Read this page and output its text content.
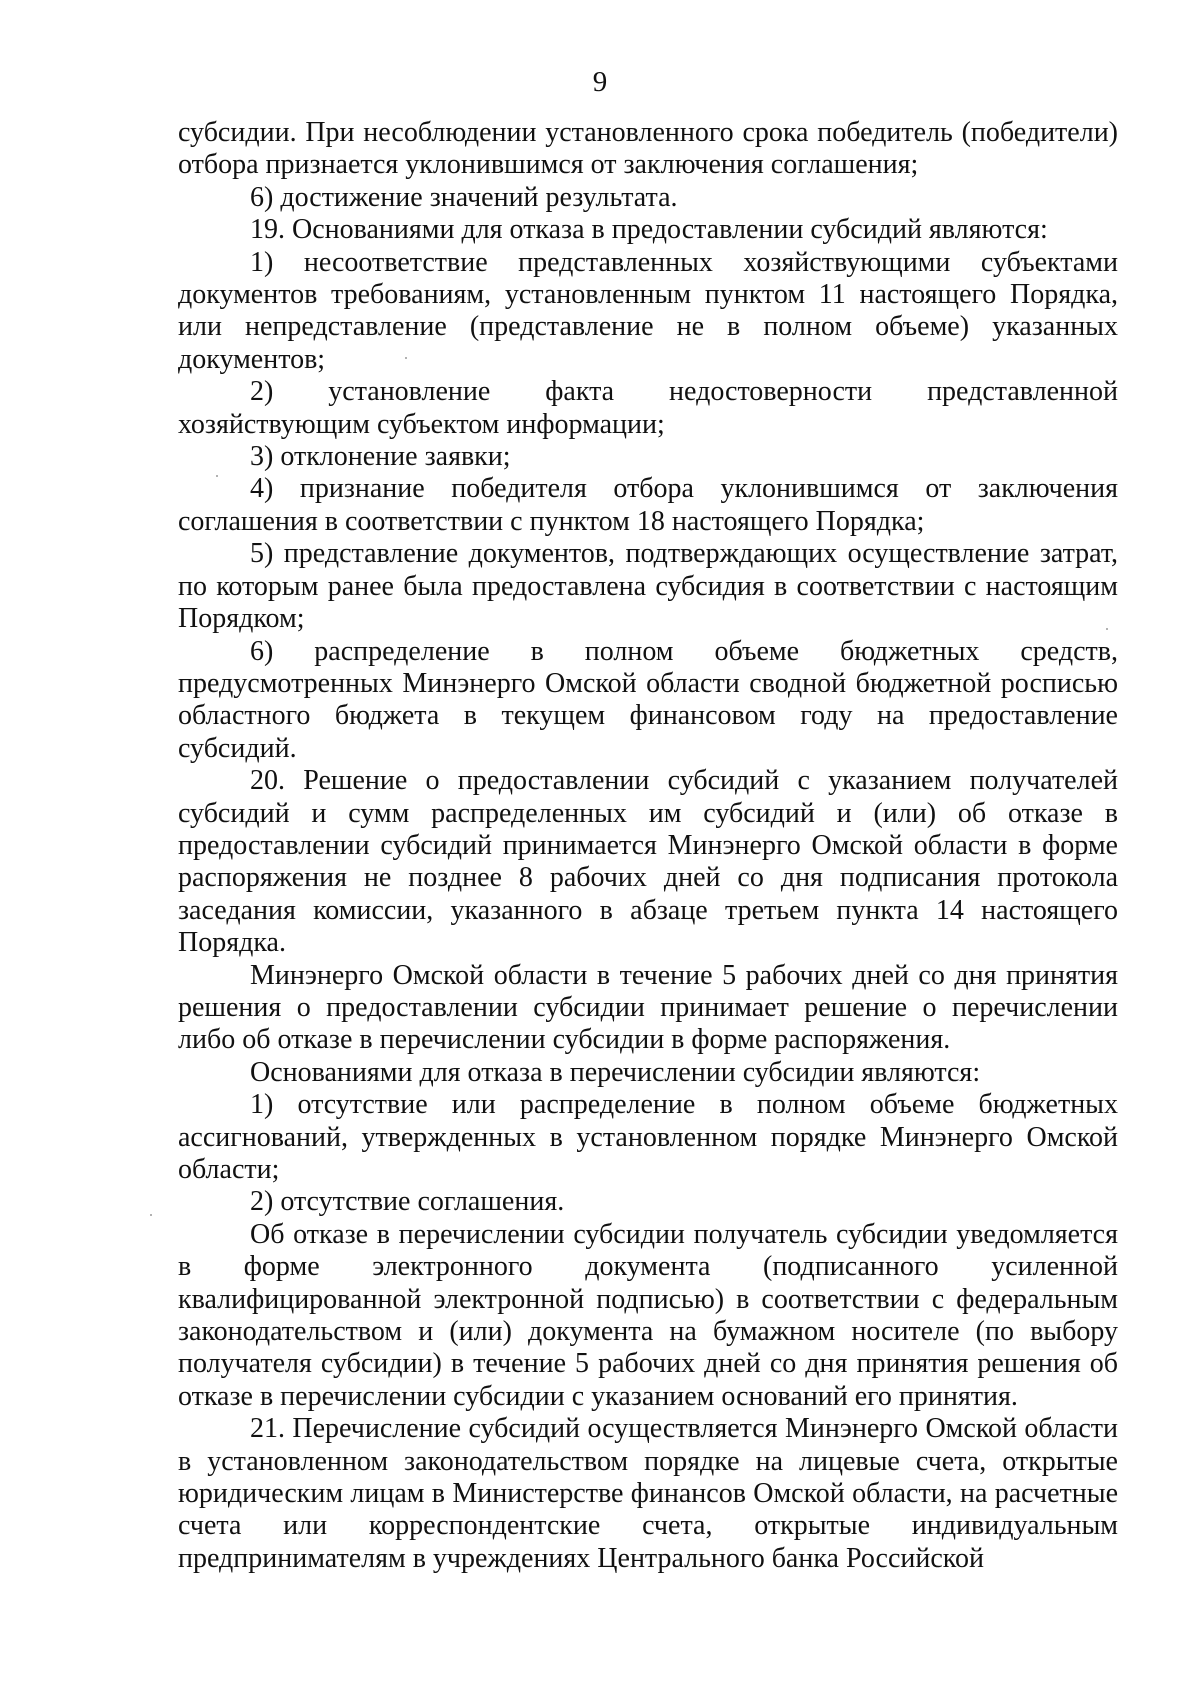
9

субсидии. При несоблюдении установленного срока победитель (победители) отбора признается уклонившимся от заключения соглашения;

6) достижение значений результата.

19. Основаниями для отказа в предоставлении субсидий являются:

1) несоответствие представленных хозяйствующими субъектами документов требованиям, установленным пунктом 11 настоящего Порядка, или непредставление (представление не в полном объеме) указанных документов;

2) установление факта недостоверности представленной хозяйствующим субъектом информации;

3) отклонение заявки;

4) признание победителя отбора уклонившимся от заключения соглашения в соответствии с пунктом 18 настоящего Порядка;

5) представление документов, подтверждающих осуществление затрат, по которым ранее была предоставлена субсидия в соответствии с настоящим Порядком;

6) распределение в полном объеме бюджетных средств, предусмотренных Минэнерго Омской области сводной бюджетной росписью областного бюджета в текущем финансовом году на предоставление субсидий.

20. Решение о предоставлении субсидий с указанием получателей субсидий и сумм распределенных им субсидий и (или) об отказе в предоставлении субсидий принимается Минэнерго Омской области в форме распоряжения не позднее 8 рабочих дней со дня подписания протокола заседания комиссии, указанного в абзаце третьем пункта 14 настоящего Порядка.

Минэнерго Омской области в течение 5 рабочих дней со дня принятия решения о предоставлении субсидии принимает решение о перечислении либо об отказе в перечислении субсидии в форме распоряжения.

Основаниями для отказа в перечислении субсидии являются:

1) отсутствие или распределение в полном объеме бюджетных ассигнований, утвержденных в установленном порядке Минэнерго Омской области;

2) отсутствие соглашения.

Об отказе в перечислении субсидии получатель субсидии уведомляется в форме электронного документа (подписанного усиленной квалифицированной электронной подписью) в соответствии с федеральным законодательством и (или) документа на бумажном носителе (по выбору получателя субсидии) в течение 5 рабочих дней со дня принятия решения об отказе в перечислении субсидии с указанием оснований его принятия.

21. Перечисление субсидий осуществляется Минэнерго Омской области в установленном законодательством порядке на лицевые счета, открытые юридическим лицам в Министерстве финансов Омской области, на расчетные счета или корреспондентские счета, открытые индивидуальным предпринимателям в учреждениях Центрального банка Российской
